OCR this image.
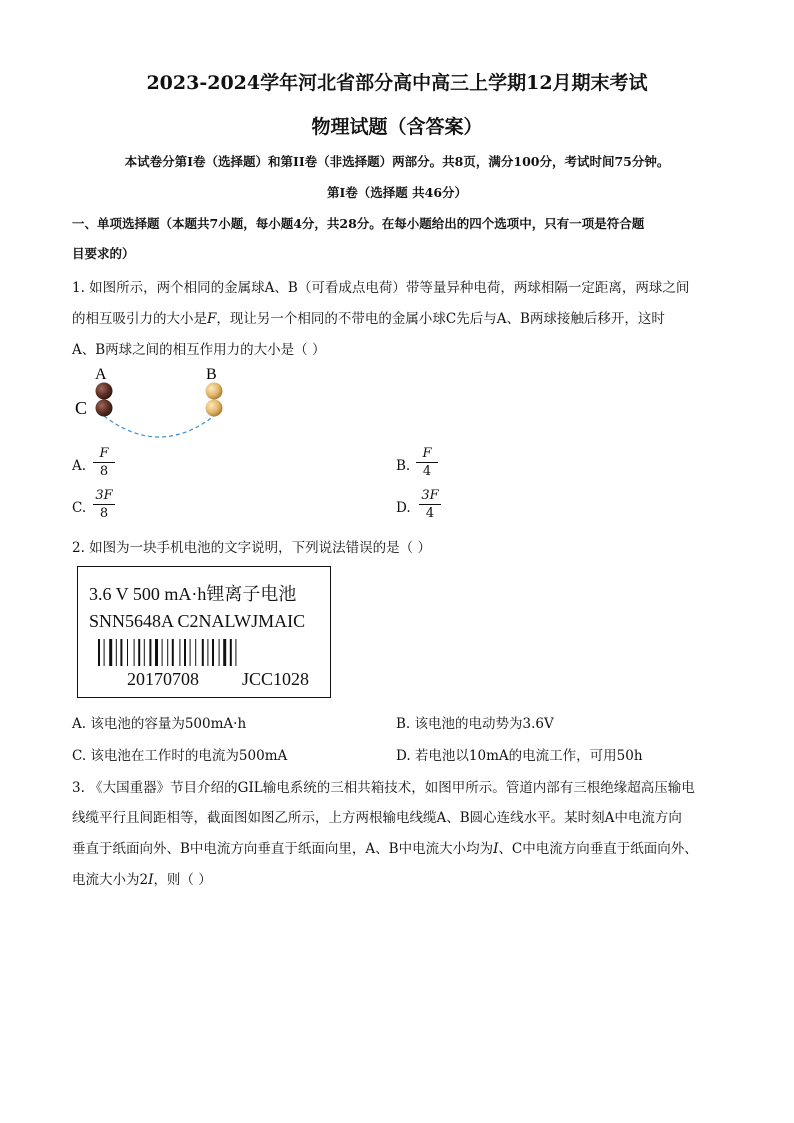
2023-2024学年河北省部分高中高三上学期12月期末考试
物理试题（含答案）
本试卷分第I卷（选择题）和第II卷（非选择题）两部分。共8页，满分100分，考试时间75分钟。
第I卷（选择题 共46分）
一、单项选择题（本题共7小题，每小题4分，共28分。在每小题给出的四个选项中，只有一项是符合题
目要求的）
1. 如图所示，两个相同的金属球A、B（可看成点电荷）带等量异种电荷，两球相隔一定距离，两球之间
的相互吸引力的大小是F，现让另一个相同的不带电的金属小球C先后与A、B两球接触后移开，这时
A、B两球之间的相互作用力的大小是（ ）
A	B
C
A.
F
8	B.
F
4
C.
3F
8	D.
3F
4
2. 如图为一块手机电池的文字说明，下列说法错误的是（ ）
3.6 V 500 mA·h锂离子电池
SNN5648A C2NALWJMAIC
20170708 JCC1028
A. 该电池的容量为500mA·h	B. 该电池的电动势为3.6V
C. 该电池在工作时的电流为500mA	D. 若电池以10mA的电流工作，可用50h
3. 《大国重器》节目介绍的GIL输电系统的三相共箱技术，如图甲所示。管道内部有三根绝缘超高压输电
线缆平行且间距相等，截面图如图乙所示，上方两根输电线缆A、B圆心连线水平。某时刻A中电流方向
垂直于纸面向外、B中电流方向垂直于纸面向里，A、B中电流大小均为I、C中电流方向垂直于纸面向外、
电流大小为2I，则（ ）
